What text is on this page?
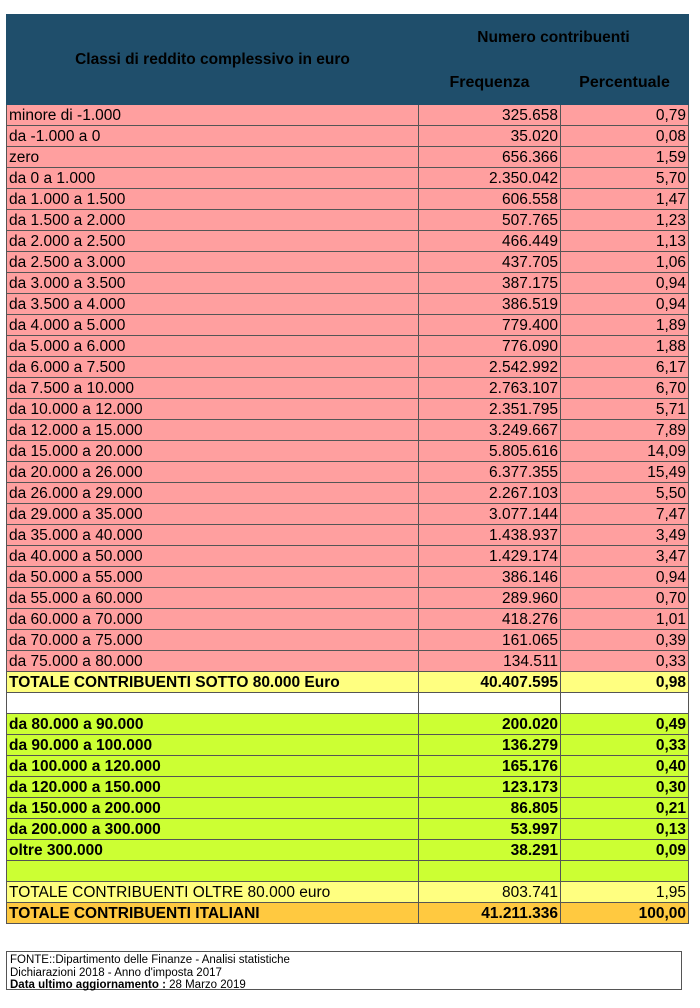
Classi di reddito complessivo in euro	Numero contribuenti	
	Frequenza	Percentuale
minore di -1.000	325.658	0,79
da -1.000 a 0	35.020	0,08
zero	656.366	1,59
da 0 a 1.000	2.350.042	5,70
da 1.000 a 1.500	606.558	1,47
da 1.500 a 2.000	507.765	1,23
da 2.000 a 2.500	466.449	1,13
da 2.500 a 3.000	437.705	1,06
da 3.000 a 3.500	387.175	0,94
da 3.500 a 4.000	386.519	0,94
da 4.000 a 5.000	779.400	1,89
da 5.000 a 6.000	776.090	1,88
da 6.000 a 7.500	2.542.992	6,17
da 7.500 a 10.000	2.763.107	6,70
da 10.000 a 12.000	2.351.795	5,71
da 12.000 a 15.000	3.249.667	7,89
da 15.000 a 20.000	5.805.616	14,09
da 20.000 a 26.000	6.377.355	15,49
da 26.000 a 29.000	2.267.103	5,50
da 29.000 a 35.000	3.077.144	7,47
da 35.000 a 40.000	1.438.937	3,49
da 40.000 a 50.000	1.429.174	3,47
da 50.000 a 55.000	386.146	0,94
da 55.000 a 60.000	289.960	0,70
da 60.000 a 70.000	418.276	1,01
da 70.000 a 75.000	161.065	0,39
da 75.000 a 80.000	134.511	0,33
TOTALE CONTRIBUENTI SOTTO 80.000 Euro	40.407.595	0,98

da 80.000 a 90.000	200.020	0,49
da 90.000 a 100.000	136.279	0,33
da 100.000 a 120.000	165.176	0,40
da 120.000 a 150.000	123.173	0,30
da 150.000 a 200.000	86.805	0,21
da 200.000 a 300.000	53.997	0,13
oltre 300.000	38.291	0,09

TOTALE CONTRIBUENTI OLTRE 80.000 euro	803.741	1,95
TOTALE CONTRIBUENTI ITALIANI	41.211.336	100,00
FONTE::Dipartimento delle Finanze - Analisi statistiche
Dichiarazioni 2018 - Anno d'imposta 2017
Data ultimo aggiornamento : 28 Marzo 2019
